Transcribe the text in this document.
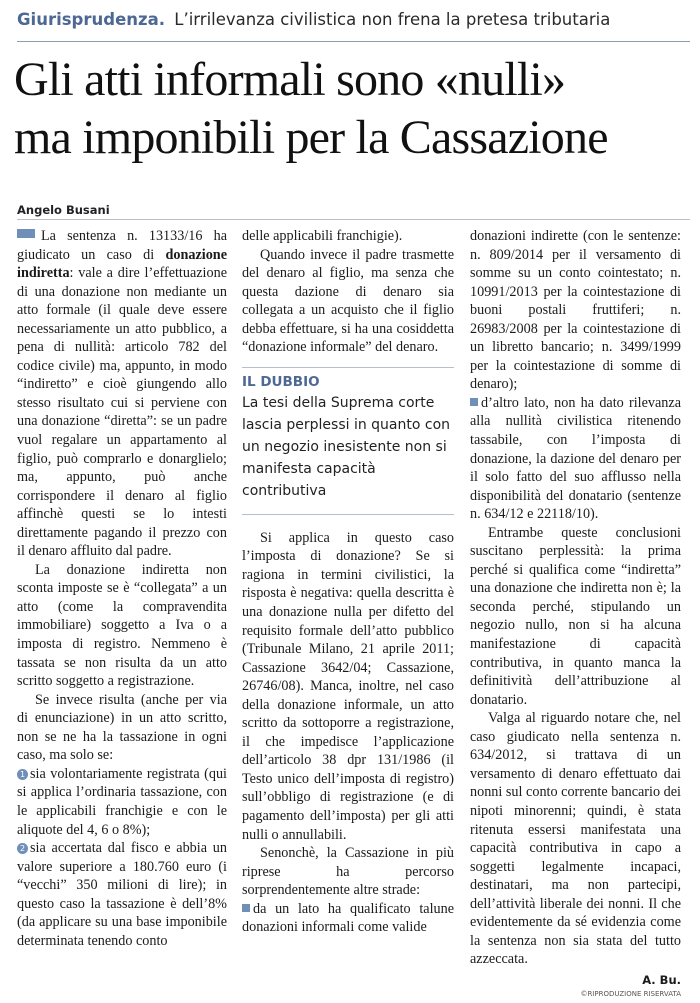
Giurisprudenza. L’irrilevanza civilistica non frena la pretesa tributaria
Gli atti informali sono «nulli»
ma imponibili per la Cassazione
Angelo Busani

La sentenza n. 13133/16 ha giudicato un caso di donazione indiretta: vale a dire l’effettuazione di una donazione non mediante un atto formale (il quale deve essere necessariamente un atto pubblico, a pena di nullità: articolo 782 del codice civile) ma, appunto, in modo “indiretto” e cioè giungendo allo stesso risultato cui si perviene con una donazione “diretta”: se un padre vuol regalare un appartamento al figlio, può comprarlo e donarglielo; ma, appunto, può anche corrispondere il denaro al figlio affinchè questi se lo intesti direttamente pagando il prezzo con il denaro affluito dal padre.

La donazione indiretta non sconta imposte se è “collegata” a un atto (come la compravendita immobiliare) soggetto a Iva o a imposta di registro. Nemmeno è tassata se non risulta da un atto scritto soggetto a registrazione.

Se invece risulta (anche per via di enunciazione) in un atto scritto, non se ne ha la tassazione in ogni caso, ma solo se:

1 sia volontariamente registrata (qui si applica l’ordinaria tassazione, con le applicabili franchigie e con le aliquote del 4, 6 o 8%);

2 sia accertata dal fisco e abbia un valore superiore a 180.760 euro (i “vecchi” 350 milioni di lire); in questo caso la tassazione è dell’8% (da applicare su una base imponibile determinata tenendo conto

delle applicabili franchigie).

Quando invece il padre trasmette del denaro al figlio, ma senza che questa dazione di denaro sia collegata a un acquisto che il figlio debba effettuare, si ha una cosiddetta “donazione informale” del denaro.

IL DUBBIO

La tesi della Suprema corte lascia perplessi in quanto con un negozio inesistente non si manifesta capacità contributiva

Si applica in questo caso l’imposta di donazione? Se si ragiona in termini civilistici, la risposta è negativa: quella descritta è una donazione nulla per difetto del requisito formale dell’atto pubblico (Tribunale Milano, 21 aprile 2011; Cassazione 3642/04; Cassazione, 26746/08). Manca, inoltre, nel caso della donazione informale, un atto scritto da sottoporre a registrazione, il che impedisce l’applicazione dell’articolo 38 dpr 131/1986 (il Testo unico dell’imposta di registro) sull’obbligo di registrazione (e di pagamento dell’imposta) per gli atti nulli o annullabili.

Senonchè, la Cassazione in più riprese ha percorso sorprendentemente altre strade:

da un lato ha qualificato talune donazioni informali come valide

donazioni indirette (con le sentenze: n. 809/2014 per il versamento di somme su un conto cointestato; n. 10991/2013 per la cointestazione di buoni postali fruttiferi; n. 26983/2008 per la cointestazione di un libretto bancario; n. 3499/1999 per la cointestazione di somme di denaro);

d’altro lato, non ha dato rilevanza alla nullità civilistica ritenendo tassabile, con l’imposta di donazione, la dazione del denaro per il solo fatto del suo afflusso nella disponibilità del donatario (sentenze n. 634/12 e 22118/10).

Entrambe queste conclusioni suscitano perplessità: la prima perché si qualifica come “indiretta” una donazione che indiretta non è; la seconda perché, stipulando un negozio nullo, non si ha alcuna manifestazione di capacità contributiva, in quanto manca la definitività dell’attribuzione al donatario.

Valga al riguardo notare che, nel caso giudicato nella sentenza n. 634/2012, si trattava di un versamento di denaro effettuato dai nonni sul conto corrente bancario dei nipoti minorenni; quindi, è stata ritenuta essersi manifestata una capacità contributiva in capo a soggetti legalmente incapaci, destinatari, ma non partecipi, dell’attività liberale dei nonni. Il che evidentemente da sé evidenzia come la sentenza non sia stata del tutto azzeccata.

A. Bu.
©RIPRODUZIONE RISERVATA
